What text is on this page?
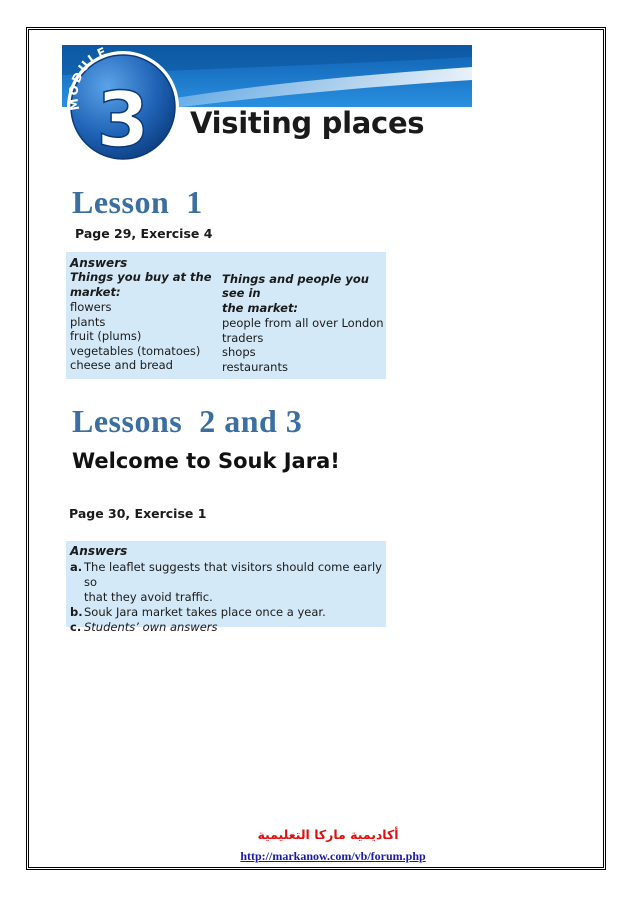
MODULE
3 Visiting places
Lesson  1
Page 29, Exercise 4
Answers
Things you buy at the
market:
flowers
plants
fruit (plums)
vegetables (tomatoes)
cheese and bread
Things and people you see in
the market:
people from all over London
traders
shops
restaurants
Lessons  2 and 3
Welcome to Souk Jara!
Page 30, Exercise 1
Answers
a. The leaflet suggests that visitors should come early so
that they avoid traffic.
b. Souk Jara market takes place once a year.
c. Students’ own answers
أكاديمية ماركا التعليمية
http://markanow.com/vb/forum.php
